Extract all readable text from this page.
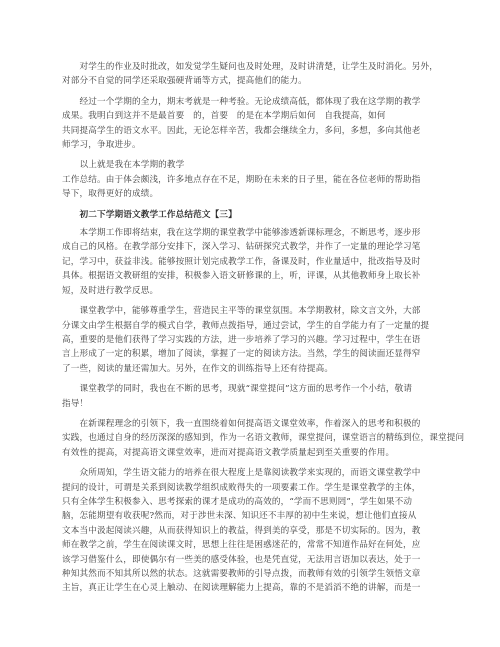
　　对学生的作业及时批改，如发觉学生疑问也及时处理，及时讲清楚，让学生及时消化。另外，

对部分不自觉的同学还采取强硬背诵等方式，提高他们的能力。

　　经过一个学期的全力，期末考就是一种考验。无论成绩高低，都体现了我在这学期的教学

成果。我明白到这并不是最首要　的，首要　的是在本学期后如何　自我提高，如何

共同提高学生的语文水平。因此，无论怎样辛苦，我都会继续全力，多问，多想，多向其他老

师学习，争取进步。

　　以上就是我在本学期的教学

工作总结。由于体会颇浅，许多地点存在不足，期盼在未来的日子里，能在各位老师的帮助指

导下，取得更好的成绩。

　　初二下学期语文教学工作总结范文【三】

　　本学期工作即将结束，我在这学期的课堂教学中能够渗透新课标理念，不断思考，逐步形

成自己的风格。在教学部分安排下，深入学习、钻研探究式教学，并作了一定量的理论学习笔

记，学习中，获益非浅。能够按照计划完成教学工作，备课及时，作业量适中，批改指导及时

具体。根据语文教研组的安排，积极参入语文研修课的上，听，评课，从其他教师身上取长补

短，及时进行教学反思。

　　课堂教学中，能够尊重学生，营造民主平等的课堂氛围。本学期教材，除文言文外，大部

分课文由学生根据自学的模式自学，教师点拨指导，通过尝试，学生的自学能力有了一定量的提

高，重要的是他们获得了学习实践的方法，进一步培养了学习的兴趣。学习过程中，学生在语

言上形成了一定的积累，增加了阅读，掌握了一定的阅读方法。当然，学生的阅读面还显得窄

了一些，阅读的量还需加大。另外，在作文的训练指导上还有待提高。

　　课堂教学的同时，我也在不断的思考，现就“课堂提问”这方面的思考作一个小结，敬请

指导！

　　在新课程理念的引领下，我一直围绕着如何提高语文课堂效率，作着深入的思考和积极的

实践，也通过自身的经历深深的感知到，作为一名语文教师，课堂提问，课堂语言的精练到位，课堂提问

有效性的提高，对提高语文课堂效率，进而对提高语文教学质量起到至关重要的作用。

　　众所周知，学生语文能力的培养在很大程度上是靠阅读教学来实现的，而语文课堂教学中

提问的设计，可谓是关系到阅读教学组织成败得失的一项要素工作。学生是课堂教学的主体，

只有全体学生积极参入、思考探索的课才是成功的高效的，“学而不思则罔”，学生如果不动

脑，怎能期望有收获呢?然而，对于涉世未深、知识还不丰厚的初中生来说，想让他们直接从

文本当中汲起阅读兴趣，从而获得知识上的教益，得到美的享受，那是不切实际的。因为，教

师在教学之前，学生在阅读课文时，思想上往往是困惑迷茫的，常常不知道作品好在何处，应

该学习借鉴什么，即使偶尔有一些美的感受体验，也是凭直觉，无法用言语加以表达，处于一

种知其然而不知其所以然的状态。这就需要教师的引导点拨，而教师有效的引领学生领悟文章

主旨，真正让学生在心灵上触动、在阅读理解能力上提高，靠的不是滔滔不绝的讲解，而是一
